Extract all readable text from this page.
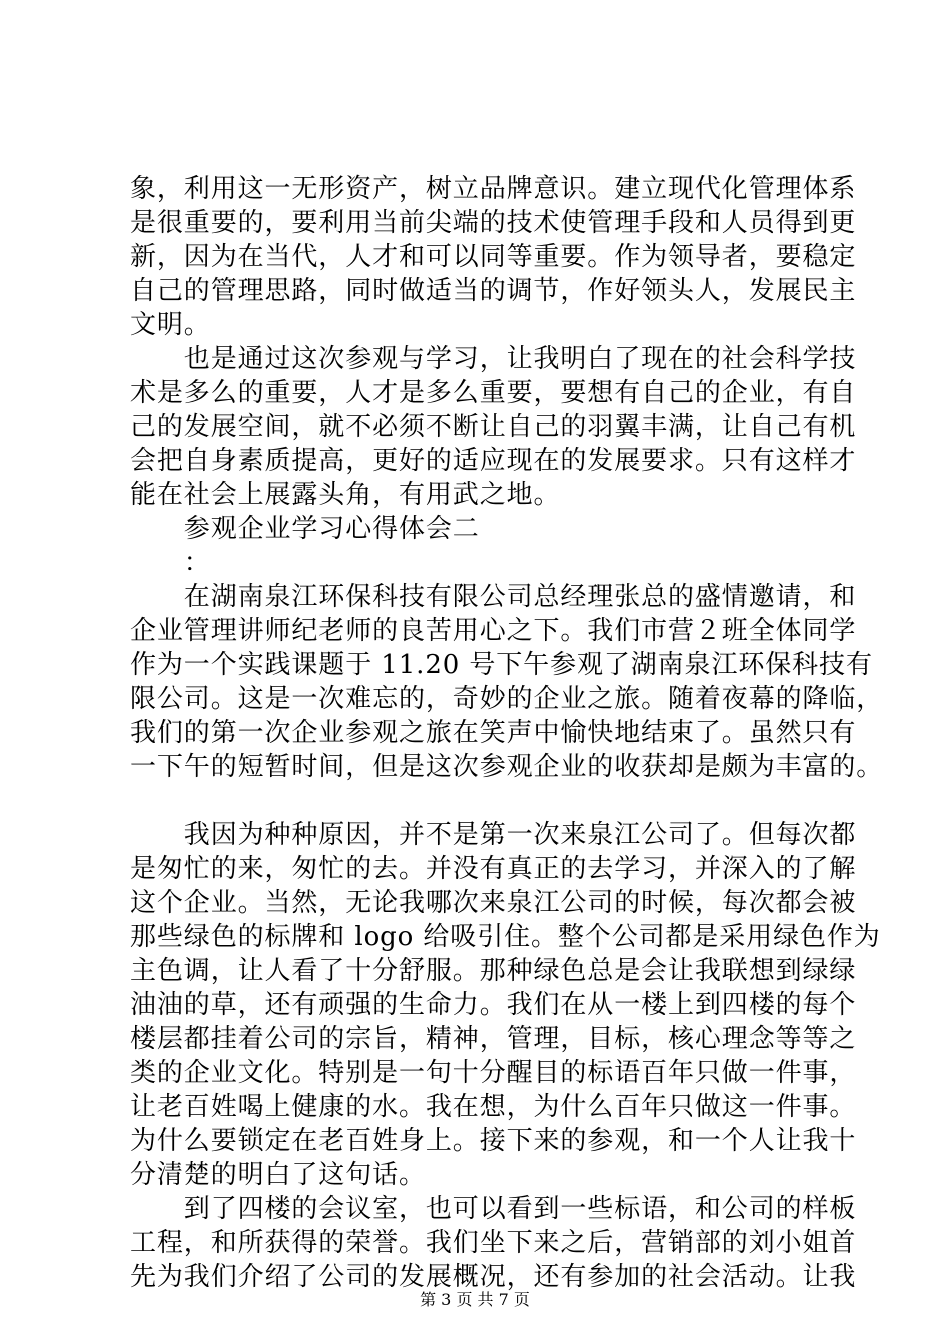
象，利用这一无形资产，树立品牌意识。建立现代化管理体系
是很重要的，要利用当前尖端的技术使管理手段和人员得到更
新，因为在当代，人才和可以同等重要。作为领导者，要稳定
自己的管理思路，同时做适当的调节，作好领头人，发展民主
文明。
　　也是通过这次参观与学习，让我明白了现在的社会科学技
术是多么的重要，人才是多么重要，要想有自己的企业，有自
己的发展空间，就不必须不断让自己的羽翼丰满，让自己有机
会把自身素质提高，更好的适应现在的发展要求。只有这样才
能在社会上展露头角，有用武之地。
　　参观企业学习心得体会二
　　：
　　在湖南泉江环保科技有限公司总经理张总的盛情邀请，和
企业管理讲师纪老师的良苦用心之下。我们市营２班全体同学
作为一个实践课题于 11.20 号下午参观了湖南泉江环保科技有
限公司。这是一次难忘的，奇妙的企业之旅。随着夜幕的降临，
我们的第一次企业参观之旅在笑声中愉快地结束了。虽然只有
一下午的短暂时间，但是这次参观企业的收获却是颇为丰富的。
　　我因为种种原因，并不是第一次来泉江公司了。但每次都
是匆忙的来，匆忙的去。并没有真正的去学习，并深入的了解
这个企业。当然，无论我哪次来泉江公司的时候，每次都会被
那些绿色的标牌和 logo 给吸引住。整个公司都是采用绿色作为
主色调，让人看了十分舒服。那种绿色总是会让我联想到绿绿
油油的草，还有顽强的生命力。我们在从一楼上到四楼的每个
楼层都挂着公司的宗旨，精神，管理，目标，核心理念等等之
类的企业文化。特别是一句十分醒目的标语百年只做一件事，
让老百姓喝上健康的水。我在想，为什么百年只做这一件事。
为什么要锁定在老百姓身上。接下来的参观，和一个人让我十
分清楚的明白了这句话。
　　到了四楼的会议室，也可以看到一些标语，和公司的样板
工程，和所获得的荣誉。我们坐下来之后，营销部的刘小姐首
先为我们介绍了公司的发展概况，还有参加的社会活动。让我
第 3 页 共 7 页
